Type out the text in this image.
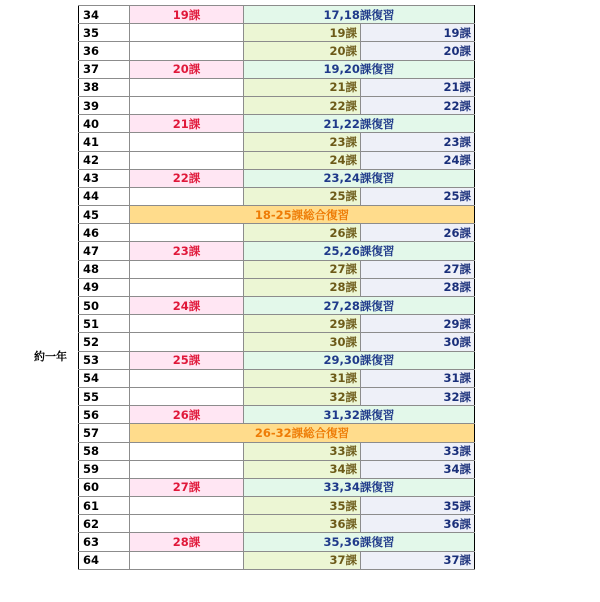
約一年
34	19課	17,18課復習	
35		19課	19課
36		20課	20課
37	20課	19,20課復習	
38		21課	21課
39		22課	22課
40	21課	21,22課復習	
41		23課	23課
42		24課	24課
43	22課	23,24課復習	
44		25課	25課
45	18-25課総合復習		
46		26課	26課
47	23課	25,26課復習	
48		27課	27課
49		28課	28課
50	24課	27,28課復習	
51		29課	29課
52		30課	30課
53	25課	29,30課復習	
54		31課	31課
55		32課	32課
56	26課	31,32課復習	
57	26-32課総合復習		
58		33課	33課
59		34課	34課
60	27課	33,34課復習	
61		35課	35課
62		36課	36課
63	28課	35,36課復習	
64		37課	37課
